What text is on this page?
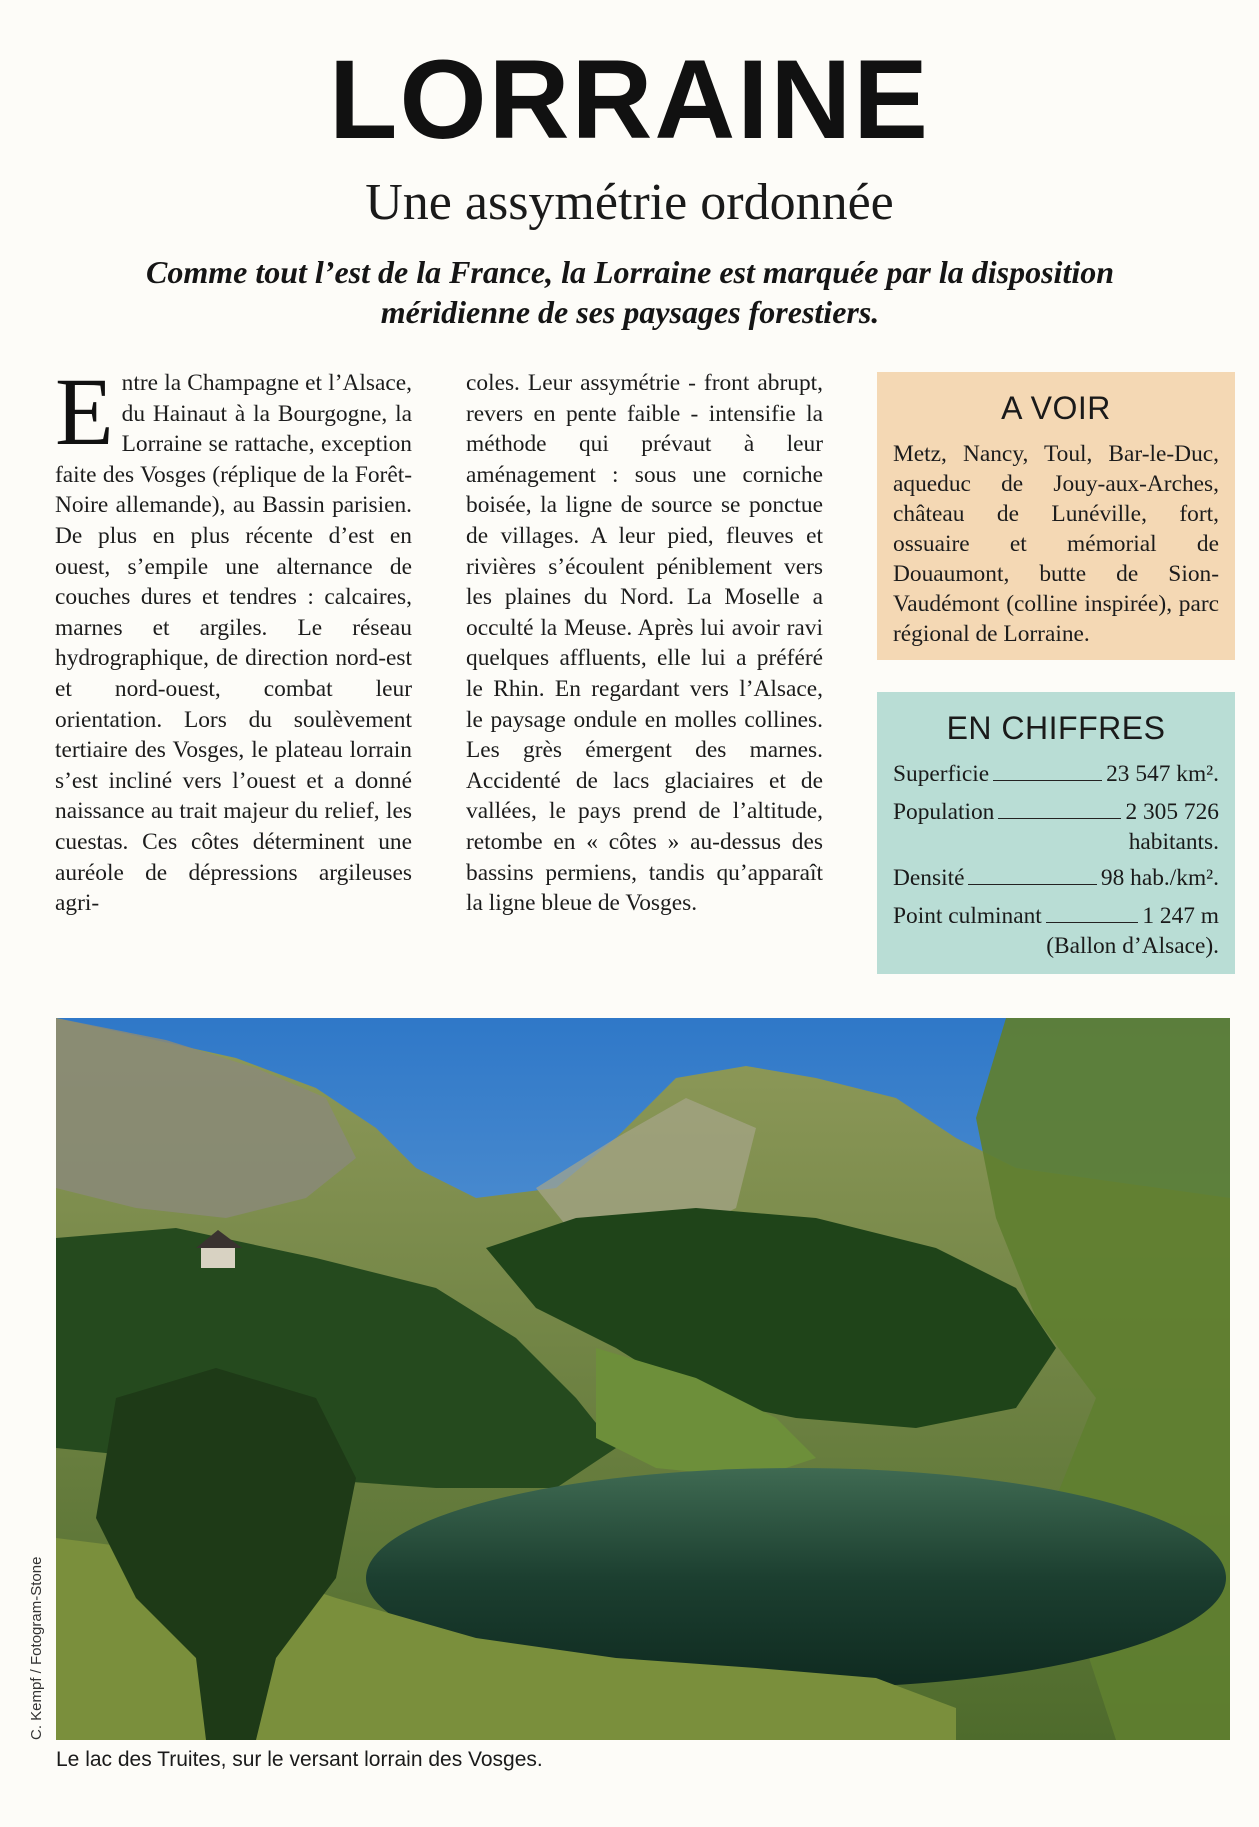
LORRAINE
Une assymétrie ordonnée
Comme tout l’est de la France, la Lorraine est marquée par la disposition méridienne de ses paysages forestiers.
E ntre la Champagne et l’Alsace, du Hainaut à la Bourgogne, la Lorraine se rattache, exception faite des Vosges (réplique de la Forêt-Noire allemande), au Bassin parisien. De plus en plus récente d’est en ouest, s’empile une alternance de couches dures et tendres : calcaires, marnes et argiles. Le réseau hydrographique, de direction nord-est et nord-ouest, combat leur orientation. Lors du soulèvement tertiaire des Vosges, le plateau lorrain s’est incliné vers l’ouest et a donné naissance au trait majeur du relief, les cuestas. Ces côtes déterminent une auréole de dépressions argileuses agri-
coles. Leur assymétrie - front abrupt, revers en pente faible - intensifie la méthode qui prévaut à leur aménagement : sous une corniche boisée, la ligne de source se ponctue de villages. A leur pied, fleuves et rivières s’écoulent péniblement vers les plaines du Nord. La Moselle a occulté la Meuse. Après lui avoir ravi quelques affluents, elle lui a préféré le Rhin. En regardant vers l’Alsace, le paysage ondule en molles collines. Les grès émergent des marnes. Accidenté de lacs glaciaires et de vallées, le pays prend de l’altitude, retombe en « côtes » au-dessus des bassins permiens, tandis qu’apparaît la ligne bleue de Vosges.
A VOIR

Metz, Nancy, Toul, Bar-le-Duc, aqueduc de Jouy-aux-Arches, château de Lunéville, fort, ossuaire et mémorial de Douaumont, butte de Sion-Vaudémont (colline inspirée), parc régional de Lorraine.

EN CHIFFRES
Superficie	23 547 km².
Population	2 305 726
habitants.
Densité	98 hab./km².
Point culminant	1 247 m
(Ballon d’Alsace).
C. Kempf / Fotogram-Stone
Le lac des Truites, sur le versant lorrain des Vosges.
